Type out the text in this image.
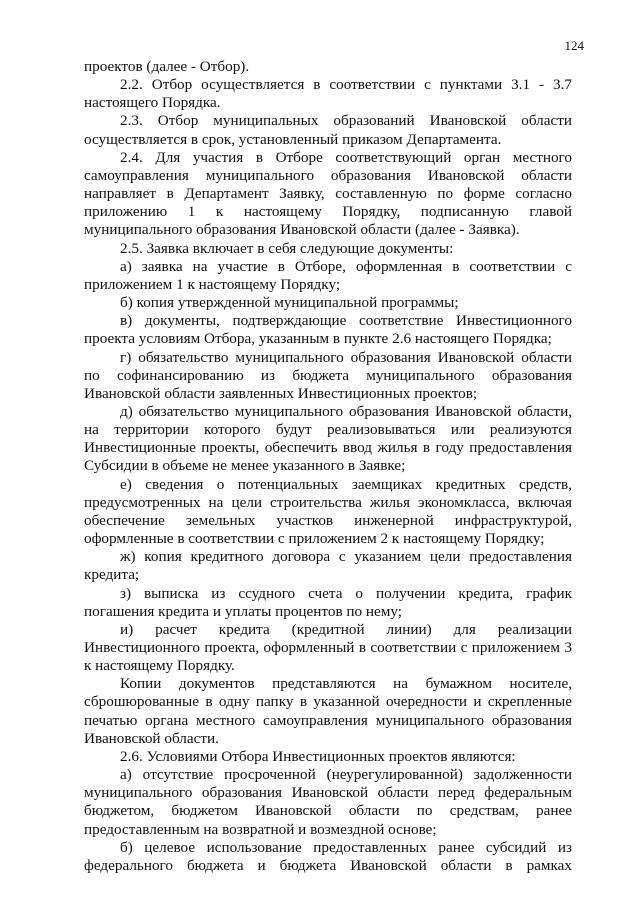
124

проектов (далее - Отбор).

2.2. Отбор осуществляется в соответствии с пунктами 3.1 - 3.7 настоящего Порядка.

2.3. Отбор муниципальных образований Ивановской области осуществляется в срок, установленный приказом Департамента.

2.4. Для участия в Отборе соответствующий орган местного самоуправления муниципального образования Ивановской области направляет в Департамент Заявку, составленную по форме согласно приложению 1 к настоящему Порядку, подписанную главой муниципального образования Ивановской области (далее - Заявка).

2.5. Заявка включает в себя следующие документы:

а) заявка на участие в Отборе, оформленная в соответствии с приложением 1 к настоящему Порядку;

б) копия утвержденной муниципальной программы;

в) документы, подтверждающие соответствие Инвестиционного проекта условиям Отбора, указанным в пункте 2.6 настоящего Порядка;

г) обязательство муниципального образования Ивановской области по софинансированию из бюджета муниципального образования Ивановской области заявленных Инвестиционных проектов;

д) обязательство муниципального образования Ивановской области, на территории которого будут реализовываться или реализуются Инвестиционные проекты, обеспечить ввод жилья в году предоставления Субсидии в объеме не менее указанного в Заявке;

е) сведения о потенциальных заемщиках кредитных средств, предусмотренных на цели строительства жилья экономкласса, включая обеспечение земельных участков инженерной инфраструктурой, оформленные в соответствии с приложением 2 к настоящему Порядку;

ж) копия кредитного договора с указанием цели предоставления кредита;

з) выписка из ссудного счета о получении кредита, график погашения кредита и уплаты процентов по нему;

и) расчет кредита (кредитной линии) для реализации Инвестиционного проекта, оформленный в соответствии с приложением 3 к настоящему Порядку.

Копии документов представляются на бумажном носителе, сброшюрованные в одну папку в указанной очередности и скрепленные печатью органа местного самоуправления муниципального образования Ивановской области.

2.6. Условиями Отбора Инвестиционных проектов являются:

а) отсутствие просроченной (неурегулированной) задолженности муниципального образования Ивановской области перед федеральным бюджетом, бюджетом Ивановской области по средствам, ранее предоставленным на возвратной и возмездной основе;

б) целевое использование предоставленных ранее субсидий из федерального бюджета и бюджета Ивановской области в рамках
